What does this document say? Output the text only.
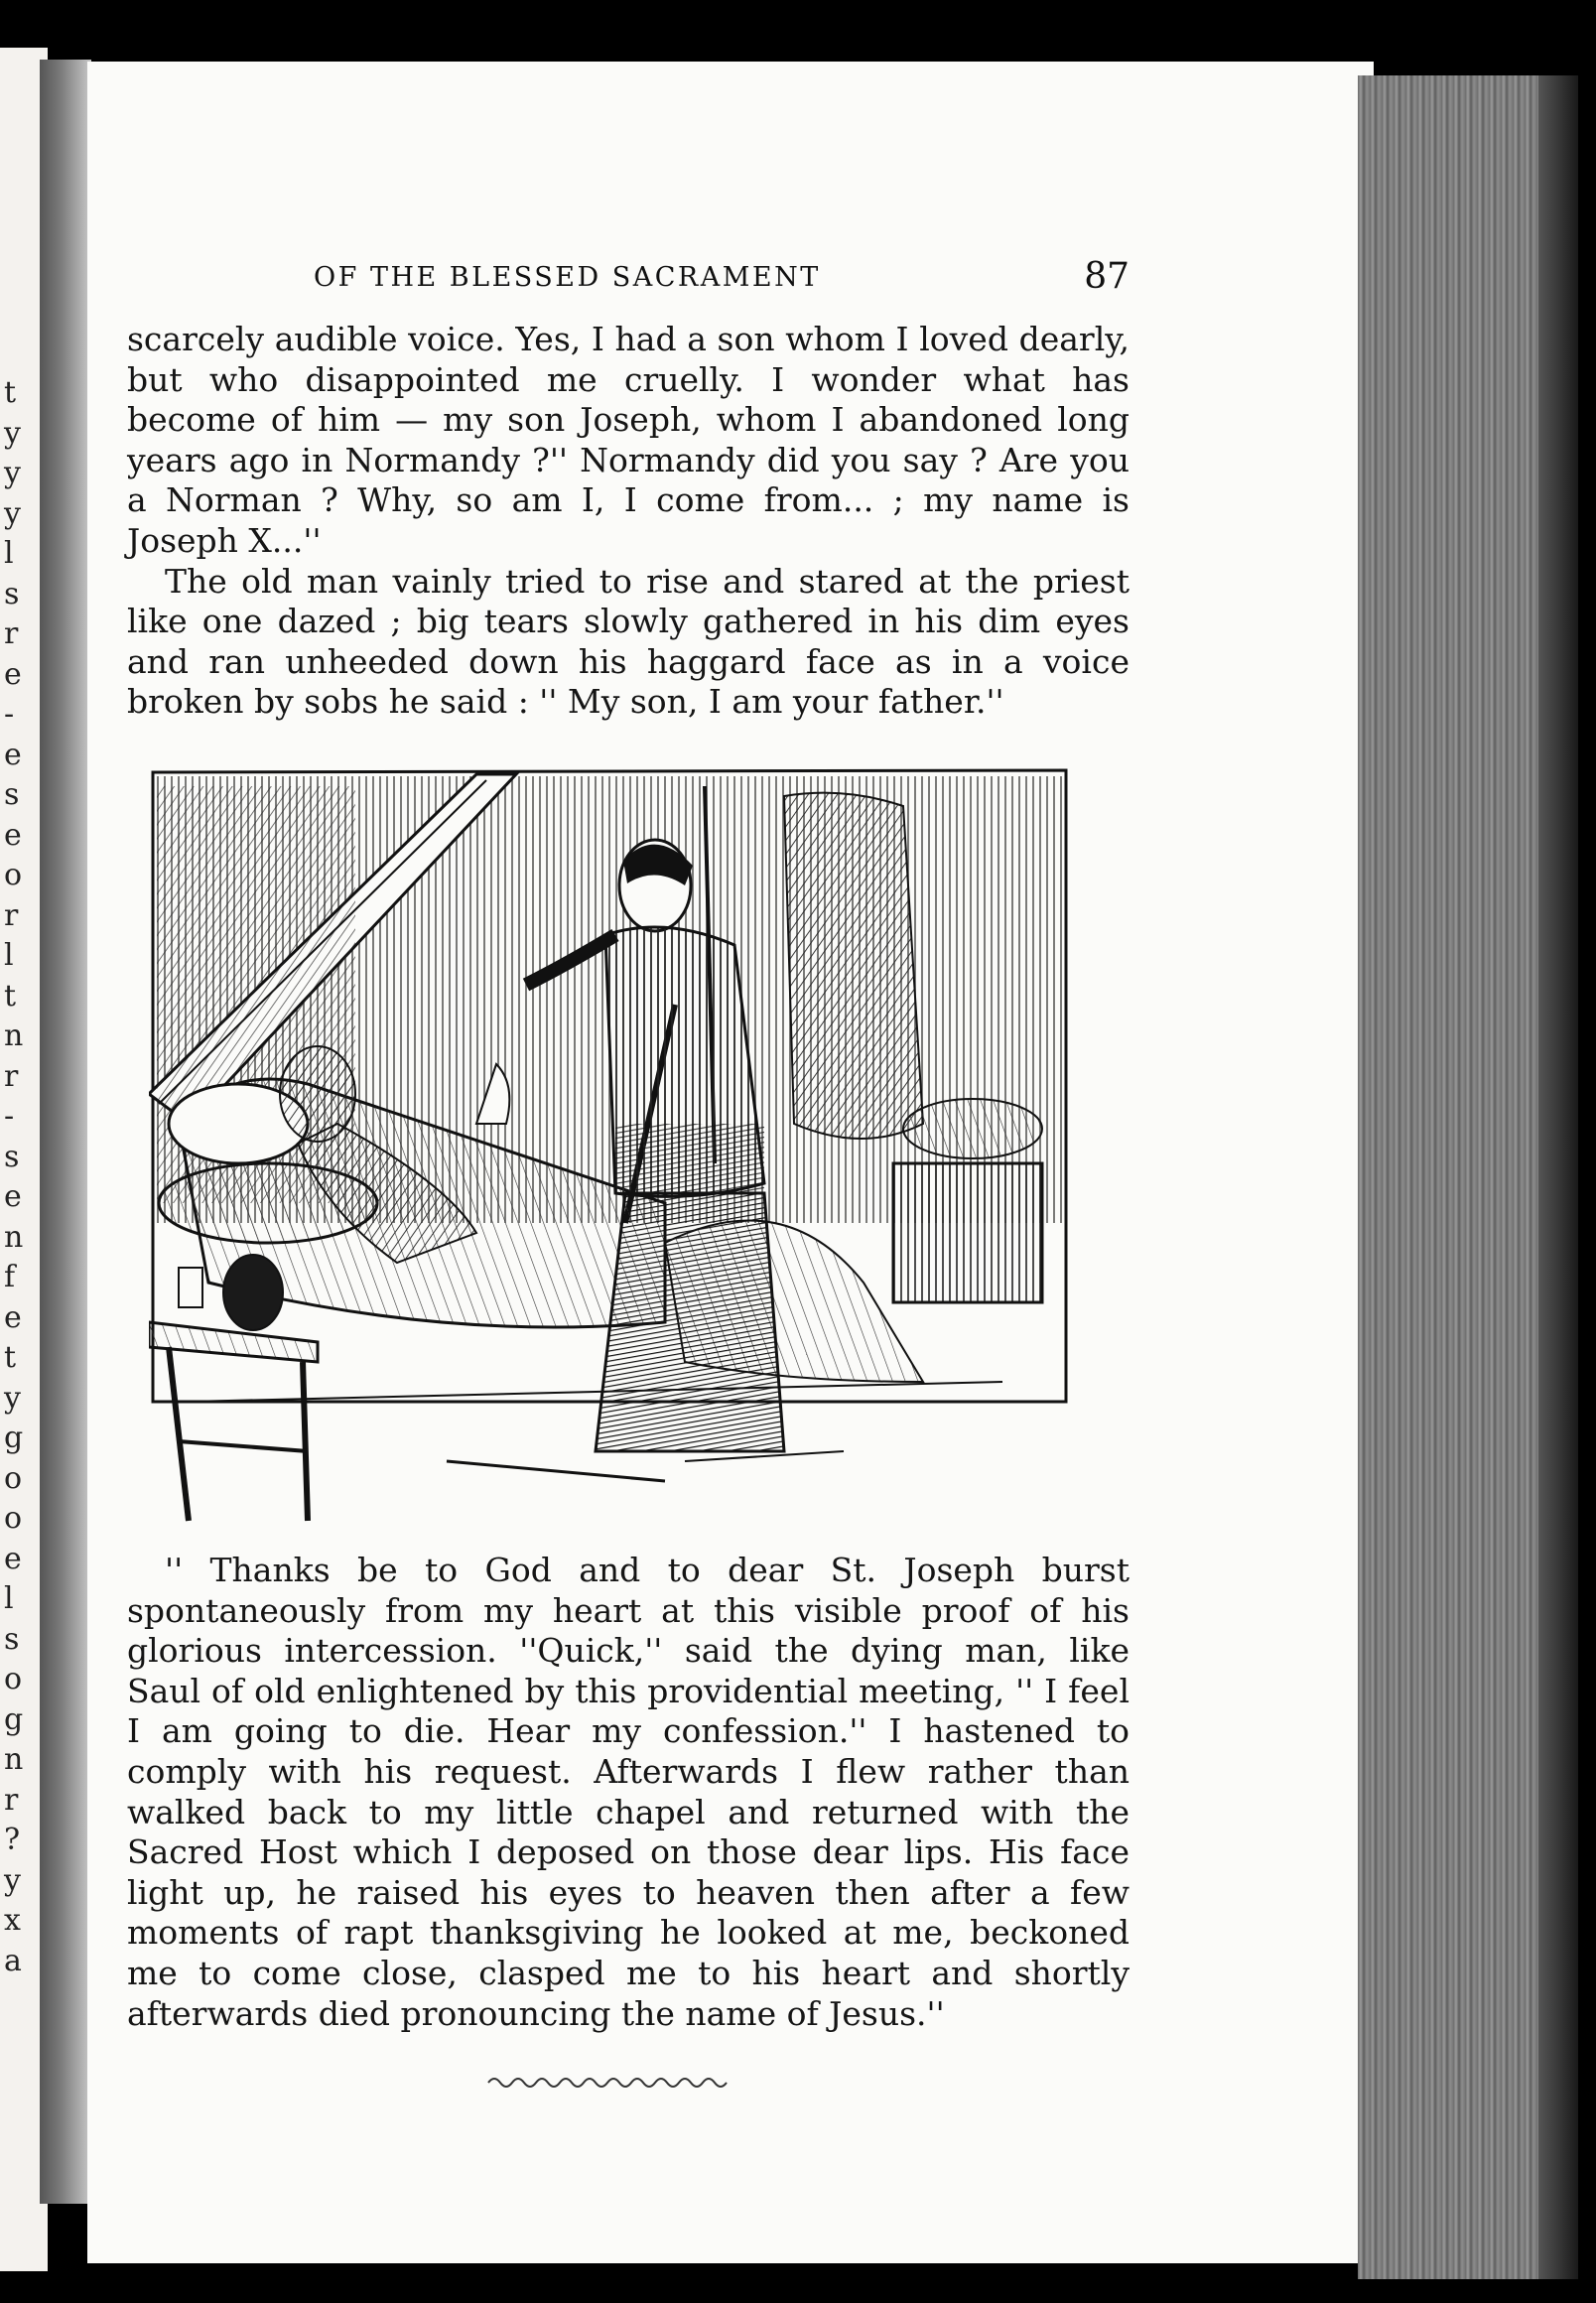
t
y
y
y
l
s
r
e
-
e
s
e
o
r
l
t
n
r
-
s
e
n
f
e
t
y
g
o
o
e
l
s
o
g
n
r
?
y
x
a
OF THE BLESSED SACRAMENT	87

scarcely audible voice. Yes, I had a son whom I loved dearly, but who disappointed me cruelly. I wonder what has become of him — my son Joseph, whom I abandoned long years ago in Normandy ?'' Normandy did you say ? Are you a Norman ? Why, so am I, I come from... ; my name is Joseph X...''

The old man vainly tried to rise and stared at the priest like one dazed ; big tears slowly gathered in his dim eyes and ran unheeded down his haggard face as in a voice broken by sobs he said : '' My son, I am your father.''

'' Thanks be to God and to dear St. Joseph burst spontaneously from my heart at this visible proof of his glorious intercession. ''Quick,'' said the dying man, like Saul of old enlightened by this providential meeting, '' I feel I am going to die. Hear my confession.'' I hastened to comply with his request. Afterwards I flew rather than walked back to my little chapel and returned with the Sacred Host which I deposed on those dear lips. His face light up, he raised his eyes to heaven then after a few moments of rapt thanksgiving he looked at me, beckoned me to come close, clasped me to his heart and shortly afterwards died pronouncing the name of Jesus.''
